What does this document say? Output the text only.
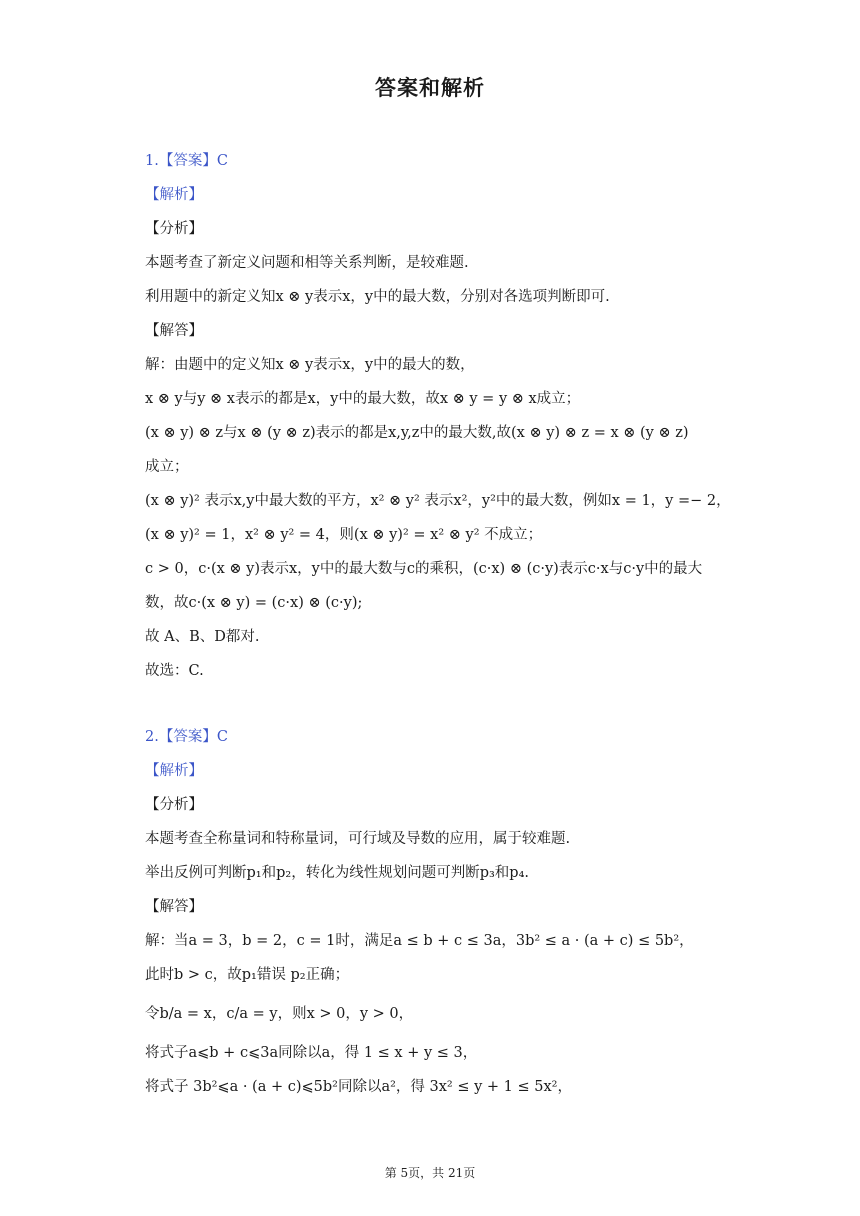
答案和解析
1.【答案】C
【解析】
【分析】
本题考查了新定义问题和相等关系判断，是较难题.
利用题中的新定义知x ⊗ y表示x，y中的最大数，分别对各选项判断即可.
【解答】
解：由题中的定义知x ⊗ y表示x，y中的最大的数，
x ⊗ y与y ⊗ x表示的都是x，y中的最大数，故x ⊗ y = y ⊗ x成立；
(x ⊗ y) ⊗ z与x ⊗ (y ⊗ z)表示的都是x,y,z中的最大数,故(x ⊗ y) ⊗ z = x ⊗ (y ⊗ z)
成立；
(x ⊗ y)² 表示x,y中最大数的平方，x² ⊗ y² 表示x²，y²中的最大数，例如x = 1，y =− 2，
(x ⊗ y)² = 1，x² ⊗ y² = 4，则(x ⊗ y)² = x² ⊗ y² 不成立；
c > 0，c·(x ⊗ y)表示x，y中的最大数与c的乘积，(c·x) ⊗ (c·y)表示c·x与c·y中的最大
数，故c·(x ⊗ y) = (c·x) ⊗ (c·y);
故 A、B、D都对.
故选：C.
2.【答案】C
【解析】
【分析】
本题考查全称量词和特称量词，可行域及导数的应用，属于较难题.
举出反例可判断p₁和p₂，转化为线性规划问题可判断p₃和p₄.
【解答】
解：当a = 3，b = 2，c = 1时，满足a ≤ b + c ≤ 3a，3b² ≤ a · (a + c) ≤ 5b²，
此时b > c，故p₁错误 p₂正确；
令b/a = x，c/a = y，则x > 0，y > 0，
将式子a⩽b + c⩽3a同除以a，得 1 ≤ x + y ≤ 3，
将式子 3b²⩽a · (a + c)⩽5b²同除以a²，得 3x² ≤ y + 1 ≤ 5x²，
第 5页，共 21页
